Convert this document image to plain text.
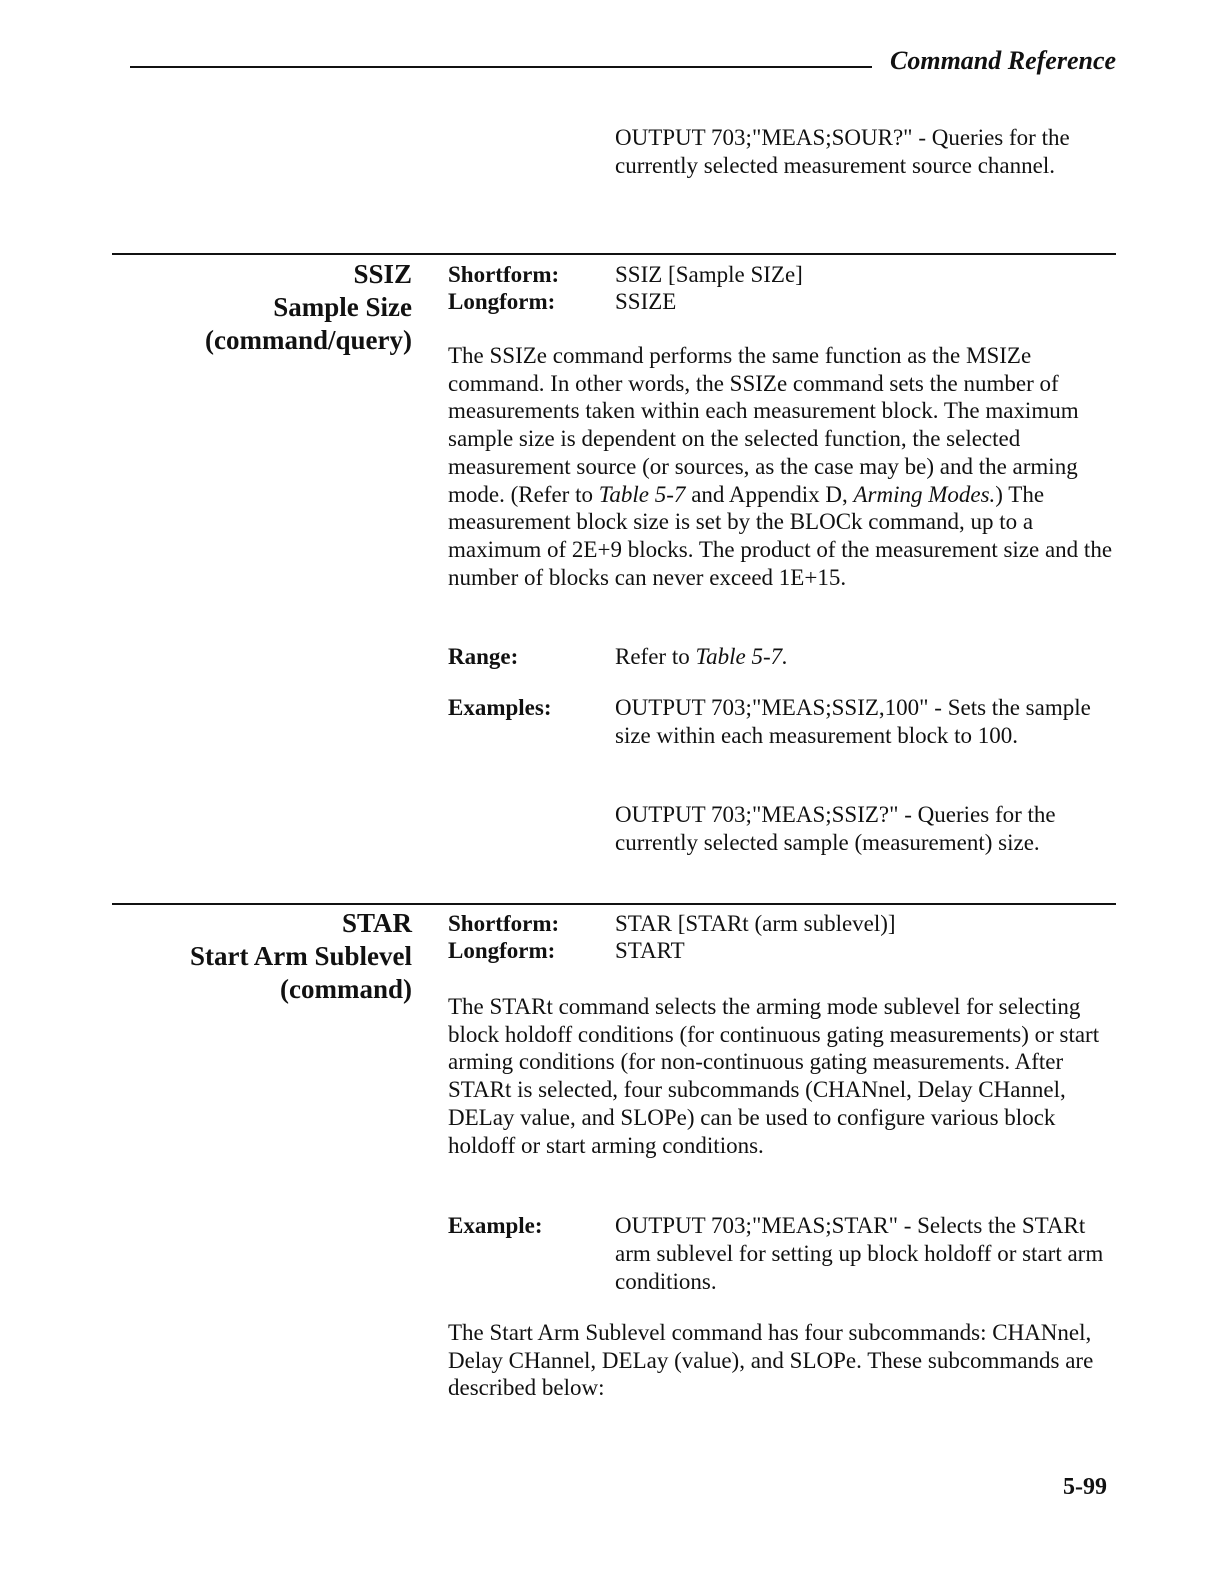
Command Reference
OUTPUT 703;"MEAS;SOUR?" - Queries for the currently selected measurement source channel.
SSIZ
Sample Size
(command/query)
Shortform: SSIZ [Sample SIZe]
Longform:	SSIZE
The SSIZe command performs the same function as the MSIZe command. In other words, the SSIZe command sets the number of measurements taken within each measurement block. The maximum sample size is dependent on the selected function, the selected measurement source (or sources, as the case may be) and the arming mode. (Refer to Table 5-7 and Appendix D, Arming Modes.) The measurement block size is set by the BLOCk command, up to a maximum of 2E+9 blocks. The product of the measurement size and the number of blocks can never exceed 1E+15.
Range:	Refer to Table 5-7.
Examples:	OUTPUT 703;"MEAS;SSIZ,100" - Sets the sample size within each measurement block to 100.
OUTPUT 703;"MEAS;SSIZ?" - Queries for the currently selected sample (measurement) size.
STAR
Start Arm Sublevel
(command)
Shortform: STAR [STARt (arm sublevel)]
Longform:	START
The STARt command selects the arming mode sublevel for selecting block holdoff conditions (for continuous gating measurements) or start arming conditions (for non-continuous gating measurements. After STARt is selected, four subcommands (CHANnel, Delay CHannel, DELay value, and SLOPe) can be used to configure various block holdoff or start arming conditions.
Example:	OUTPUT 703;"MEAS;STAR" - Selects the STARt arm sublevel for setting up block holdoff or start arm conditions.
The Start Arm Sublevel command has four subcommands: CHANnel, Delay CHannel, DELay (value), and SLOPe. These subcommands are described below:
5-99
